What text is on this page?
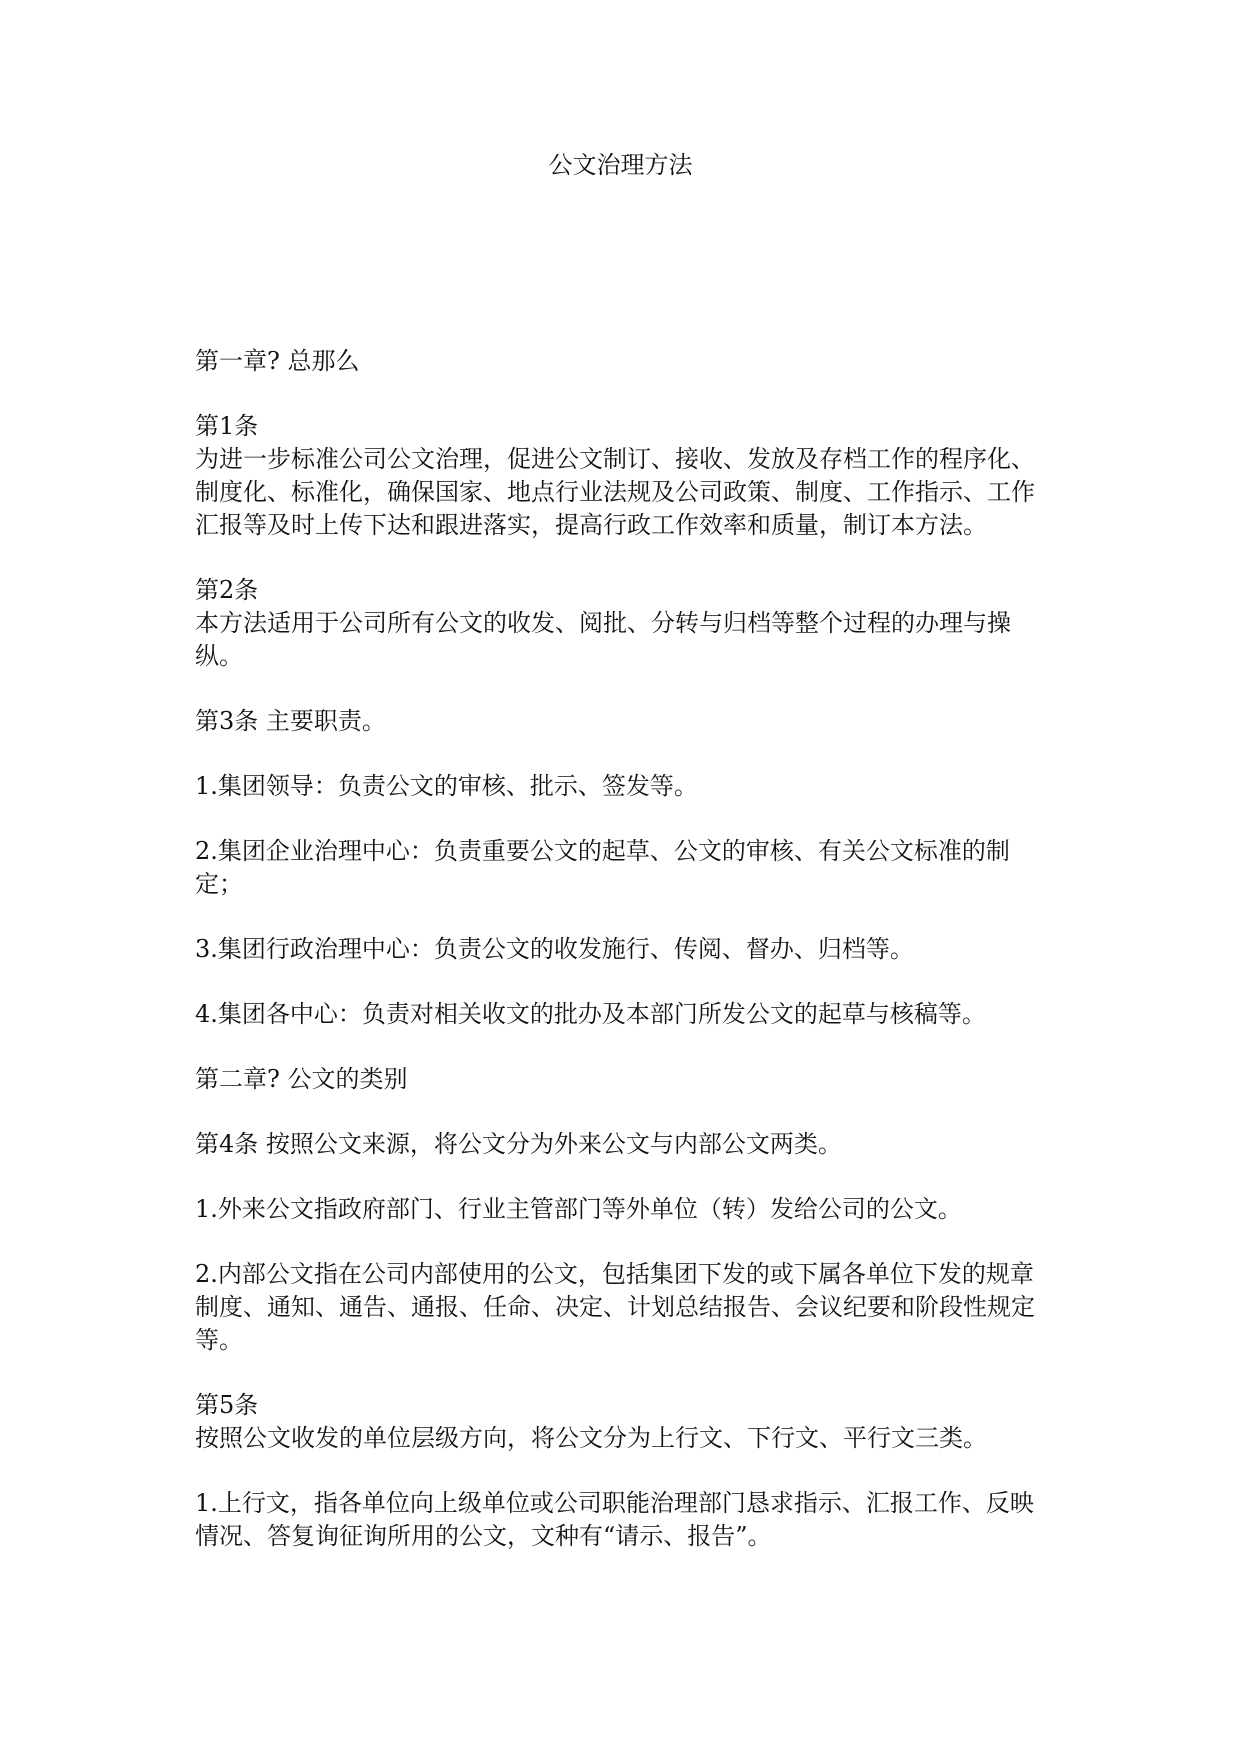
公文治理方法

第一章? 总那么

第1条

为进一步标准公司公文治理，促进公文制订、接收、发放及存档工作的程序化、制度化、标准化，确保国家、地点行业法规及公司政策、制度、工作指示、工作汇报等及时上传下达和跟进落实，提高行政工作效率和质量，制订本方法。

第2条

本方法适用于公司所有公文的收发、阅批、分转与归档等整个过程的办理与操纵。

第3条 主要职责。

1.集团领导：负责公文的审核、批示、签发等。

2.集团企业治理中心：负责重要公文的起草、公文的审核、有关公文标准的制定；

3.集团行政治理中心：负责公文的收发施行、传阅、督办、归档等。

4.集团各中心：负责对相关收文的批办及本部门所发公文的起草与核稿等。

第二章? 公文的类别

第4条 按照公文来源，将公文分为外来公文与内部公文两类。

1.外来公文指政府部门、行业主管部门等外单位（转）发给公司的公文。

2.内部公文指在公司内部使用的公文，包括集团下发的或下属各单位下发的规章制度、通知、通告、通报、任命、决定、计划总结报告、会议纪要和阶段性规定等。

第5条

按照公文收发的单位层级方向，将公文分为上行文、下行文、平行文三类。

1.上行文，指各单位向上级单位或公司职能治理部门恳求指示、汇报工作、反映情况、答复询征询所用的公文，文种有“请示、报告”。
